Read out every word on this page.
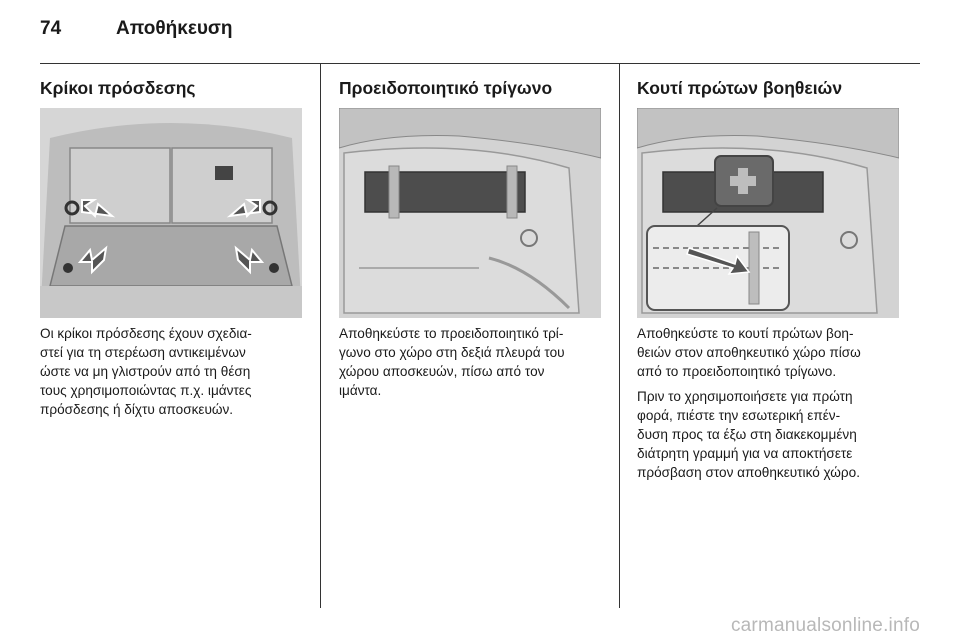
74	Αποθήκευση
Κρίκοι πρόσδεσης

Οι κρίκοι πρόσδεσης έχουν σχεδια-
στεί για τη στερέωση αντικειμένων
ώστε να μη γλιστρούν από τη θέση
τους χρησιμοποιώντας π.χ. ιμάντες
πρόσδεσης ή δίχτυ αποσκευών.

Προειδοποιητικό τρίγωνο

Αποθηκεύστε το προειδοποιητικό τρί-
γωνο στο χώρο στη δεξιά πλευρά του
χώρου αποσκευών, πίσω από τον
ιμάντα.

Κουτί πρώτων βοηθειών

Αποθηκεύστε το κουτί πρώτων βοη-
θειών στον αποθηκευτικό χώρο πίσω
από το προειδοποιητικό τρίγωνο.

Πριν το χρησιμοποιήσετε για πρώτη
φορά, πιέστε την εσωτερική επέν-
δυση προς τα έξω στη διακεκομμένη
διάτρητη γραμμή για να αποκτήσετε
πρόσβαση στον αποθηκευτικό χώρο.

carmanualsonline.info
